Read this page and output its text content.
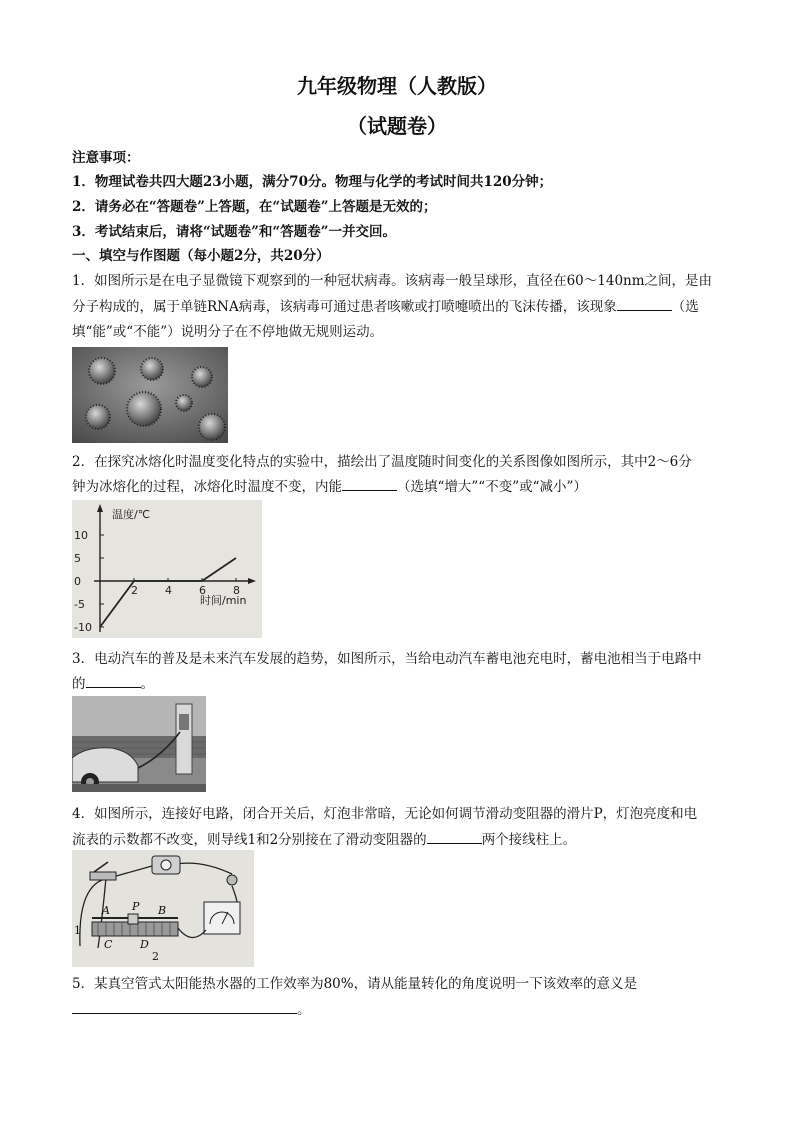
九年级物理（人教版）
（试题卷）
注意事项：
1．物理试卷共四大题23小题，满分70分。物理与化学的考试时间共120分钟；
2．请务必在“答题卷”上答题，在“试题卷”上答题是无效的；
3．考试结束后，请将“试题卷”和“答题卷”一并交回。
一、填空与作图题（每小题2分，共20分）
1．如图所示是在电子显微镜下观察到的一种冠状病毒。该病毒一般呈球形，直径在60～140nm之间，是由
分子构成的，属于单链RNA病毒，该病毒可通过患者咳嗽或打喷嚏喷出的飞沫传播，该现象	（选
填“能”或“不能”）说明分子在不停地做无规则运动。
2．在探究冰熔化时温度变化特点的实验中，描绘出了温度随时间变化的关系图像如图所示，其中2～6分
钟为冰熔化的过程，冰熔化时温度不变，内能	（选填“增大”“不变”或“减小”）
2 4 6 8
10
5
0
-5
-10
温度/℃
时间/min
3．电动汽车的普及是未来汽车发展的趋势，如图所示，当给电动汽车蓄电池充电时，蓄电池相当于电路中
的	。
4．如图所示，连接好电路，闭合开关后，灯泡非常暗，无论如何调节滑动变阻器的滑片P，灯泡亮度和电
流表的示数都不改变，则导线1和2分别接在了滑动变阻器的	两个接线柱上。
A P B
C	D
1
2
5．某真空管式太阳能热水器的工作效率为80%，请从能量转化的角度说明一下该效率的意义是
。
